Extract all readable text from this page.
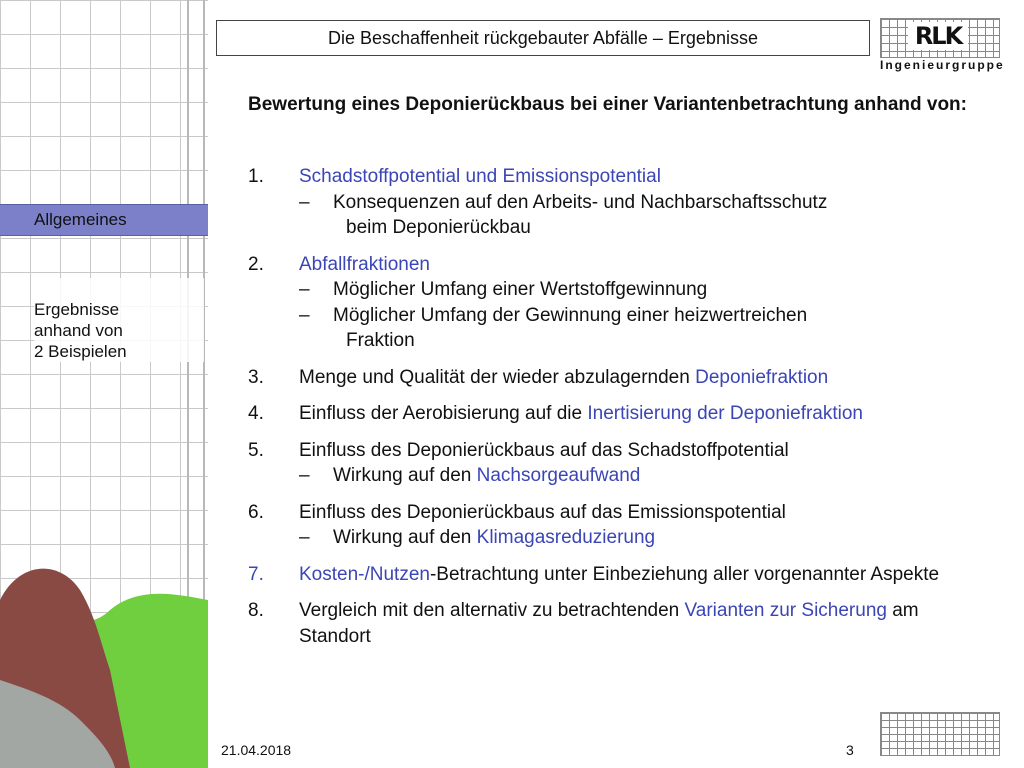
Allgemeines

Ergebnisse
anhand von
2 Beispielen

Die Beschaffenheit rückgebauter Abfälle – Ergebnisse	RLK
Ingenieurgruppe
Bewertung eines Deponierückbaus bei einer Variantenbetrachtung anhand von:
1.	Schadstoffpotential und Emissionspotential
– Konsequenzen auf den Arbeits- und Nachbarschaftsschutz
beim Deponierückbau
2.	Abfallfraktionen
– Möglicher Umfang einer Wertstoffgewinnung
– Möglicher Umfang der Gewinnung einer heizwertreichen
Fraktion
3.	Menge und Qualität der wieder abzulagernden Deponiefraktion
4.	Einfluss der Aerobisierung auf die Inertisierung der Deponiefraktion
5.	Einfluss des Deponierückbaus auf das Schadstoffpotential
– Wirkung auf den Nachsorgeaufwand
6.	Einfluss des Deponierückbaus auf das Emissionspotential
– Wirkung auf den Klimagasreduzierung
7.	Kosten-/Nutzen-Betrachtung unter Einbeziehung aller vorgenannter Aspekte
8.	Vergleich mit den alternativ zu betrachtenden Varianten zur Sicherung am Standort
21.04.2018	3
